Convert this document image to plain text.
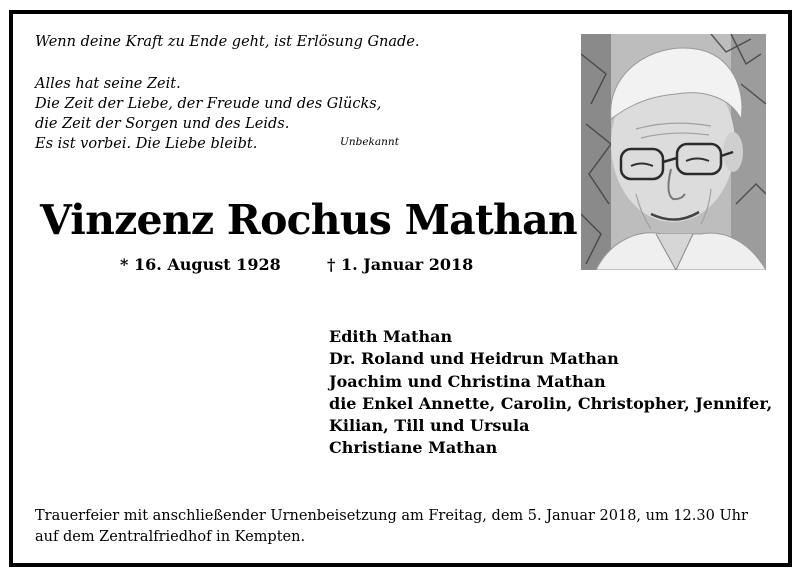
Wenn deine Kraft zu Ende geht, ist Erlösung Gnade.
Alles hat seine Zeit.
Die Zeit der Liebe, der Freude und des Glücks,
die Zeit der Sorgen und des Leids.
Es ist vorbei. Die Liebe bleibt.	Unbekannt
Vinzenz Rochus Mathan
* 16. August 1928	† 1. Januar 2018
Edith Mathan
Dr. Roland und Heidrun Mathan
Joachim und Christina Mathan
die Enkel Annette, Carolin, Christopher, Jennifer,
Kilian, Till und Ursula
Christiane Mathan
Trauerfeier mit anschließender Urnenbeisetzung am Freitag, dem 5. Januar 2018, um 12.30 Uhr
auf dem Zentralfriedhof in Kempten.
